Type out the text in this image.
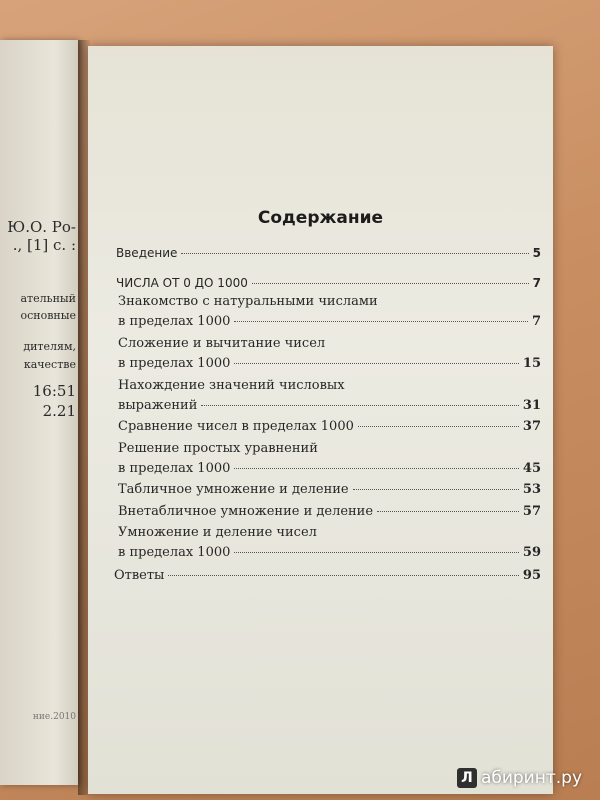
Ю.О. Ро-
., [1] с. :
ательный
основные
дителям,
качестве
16:51
2.21
ние.2010
Содержание
Введение	5
ЧИСЛА ОТ 0 ДО 1000	7
Знакомство с натуральными числами
в пределах 1000	7
Сложение и вычитание чисел
в пределах 1000	15
Нахождение значений числовых
выражений	31
Сравнение чисел в пределах 1000	37
Решение простых уравнений
в пределах 1000	45
Табличное умножение и деление	53
Внетабличное умножение и деление	57
Умножение и деление чисел
в пределах 1000	59
Ответы	95
Л абиринт.ру
